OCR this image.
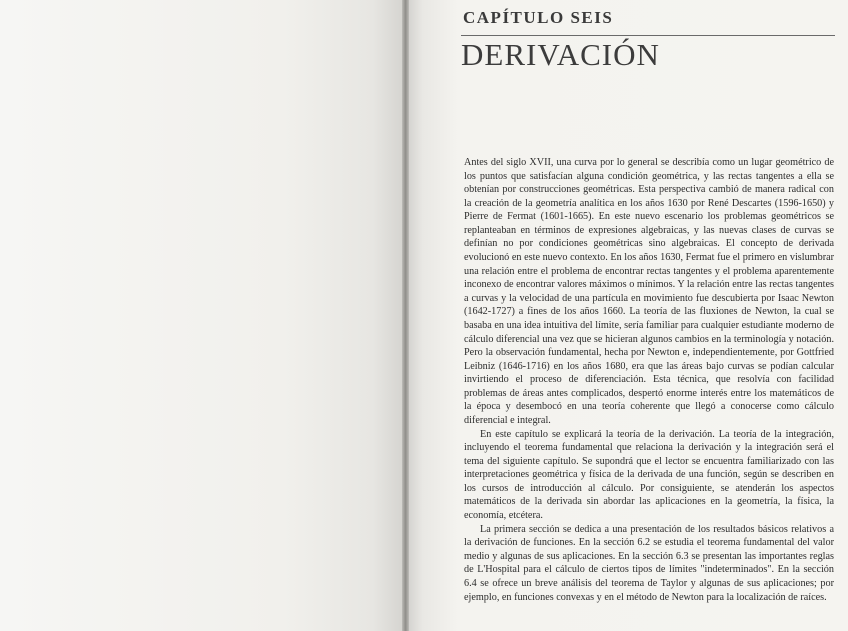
CAPÍTULO SEIS
DERIVACIÓN

Antes del siglo XVII, una curva por lo general se describía como un lugar geométrico de los puntos que satisfacían alguna condición geométrica, y las rectas tangentes a ella se obtenían por construcciones geométricas. Esta perspectiva cambió de manera radical con la creación de la geometría analítica en los años 1630 por René Descartes (1596-1650) y Pierre de Fermat (1601-1665). En este nuevo escenario los problemas geométricos se replanteaban en términos de expresiones algebraicas, y las nuevas clases de curvas se definían no por condiciones geométricas sino algebraicas. El concepto de derivada evolucionó en este nuevo contexto. En los años 1630, Fermat fue el primero en vislumbrar una relación entre el problema de encontrar rectas tangentes y el problema aparentemente inconexo de encontrar valores máximos o mínimos. Y la relación entre las rectas tangentes a curvas y la velocidad de una partícula en movimiento fue descubierta por Isaac Newton (1642-1727) a fines de los años 1660. La teoría de las fluxiones de Newton, la cual se basaba en una idea intuitiva del límite, sería familiar para cualquier estudiante moderno de cálculo diferencial una vez que se hicieran algunos cambios en la terminología y notación. Pero la observación fundamental, hecha por Newton e, independientemente, por Gottfried Leibniz (1646-1716) en los años 1680, era que las áreas bajo curvas se podían calcular invirtiendo el proceso de diferenciación. Esta técnica, que resolvía con facilidad problemas de áreas antes complicados, despertó enorme interés entre los matemáticos de la época y desembocó en una teoría coherente que llegó a conocerse como cálculo diferencial e integral.

En este capítulo se explicará la teoría de la derivación. La teoría de la integración, incluyendo el teorema fundamental que relaciona la derivación y la integración será el tema del siguiente capítulo. Se supondrá que el lector se encuentra familiarizado con las interpretaciones geométrica y física de la derivada de una función, según se describen en los cursos de introducción al cálculo. Por consiguiente, se atenderán los aspectos matemáticos de la derivada sin abordar las aplicaciones en la geometría, la física, la economía, etcétera.

La primera sección se dedica a una presentación de los resultados básicos relativos a la derivación de funciones. En la sección 6.2 se estudia el teorema fundamental del valor medio y algunas de sus aplicaciones. En la sección 6.3 se presentan las importantes reglas de L'Hospital para el cálculo de ciertos tipos de límites "indeterminados". En la sección 6.4 se ofrece un breve análisis del teorema de Taylor y algunas de sus aplicaciones; por ejemplo, en funciones convexas y en el método de Newton para la localización de raíces.
